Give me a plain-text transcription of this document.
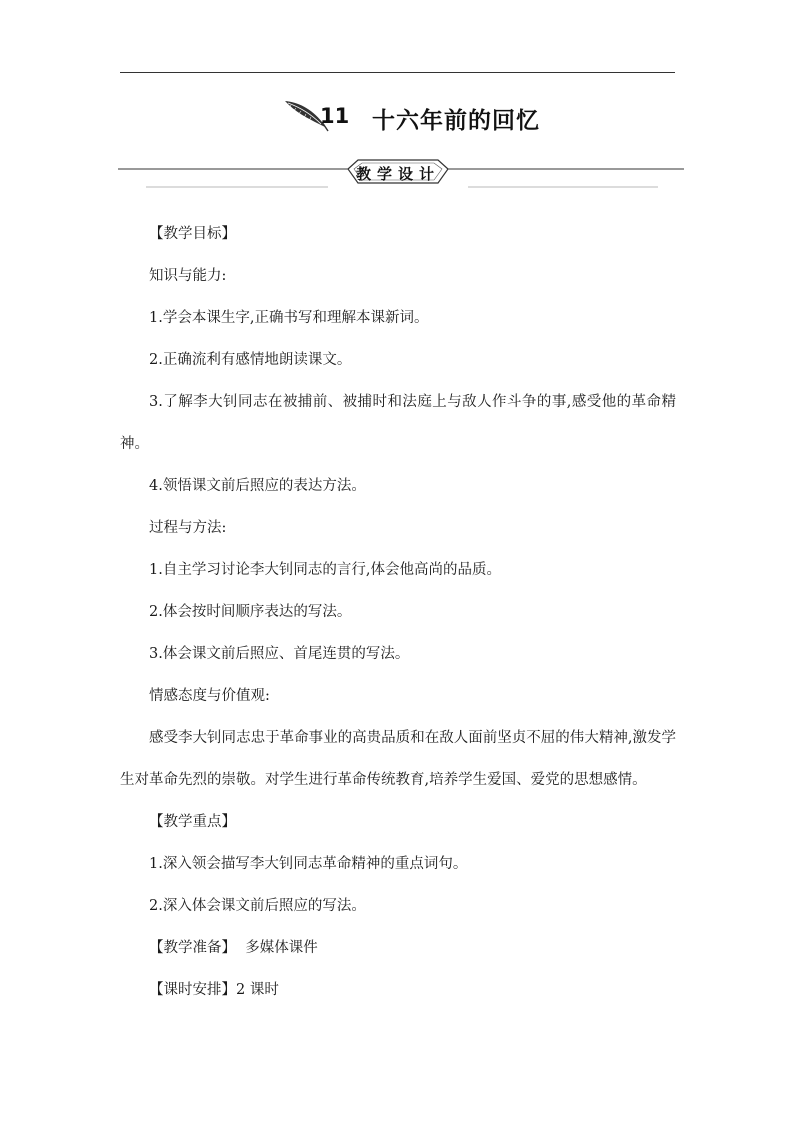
11 十六年前的回忆
教学设计

【教学目标】

知识与能力:

1.学会本课生字,正确书写和理解本课新词。

2.正确流利有感情地朗读课文。

3.了解李大钊同志在被捕前、被捕时和法庭上与敌人作斗争的事,感受他的革命精神。

4.领悟课文前后照应的表达方法。

过程与方法:

1.自主学习讨论李大钊同志的言行,体会他高尚的品质。

2.体会按时间顺序表达的写法。

3.体会课文前后照应、首尾连贯的写法。

情感态度与价值观:

感受李大钊同志忠于革命事业的高贵品质和在敌人面前坚贞不屈的伟大精神,激发学生对革命先烈的崇敬。对学生进行革命传统教育,培养学生爱国、爱党的思想感情。

【教学重点】

1.深入领会描写李大钊同志革命精神的重点词句。

2.深入体会课文前后照应的写法。

【教学准备】  多媒体课件

【课时安排】2 课时
